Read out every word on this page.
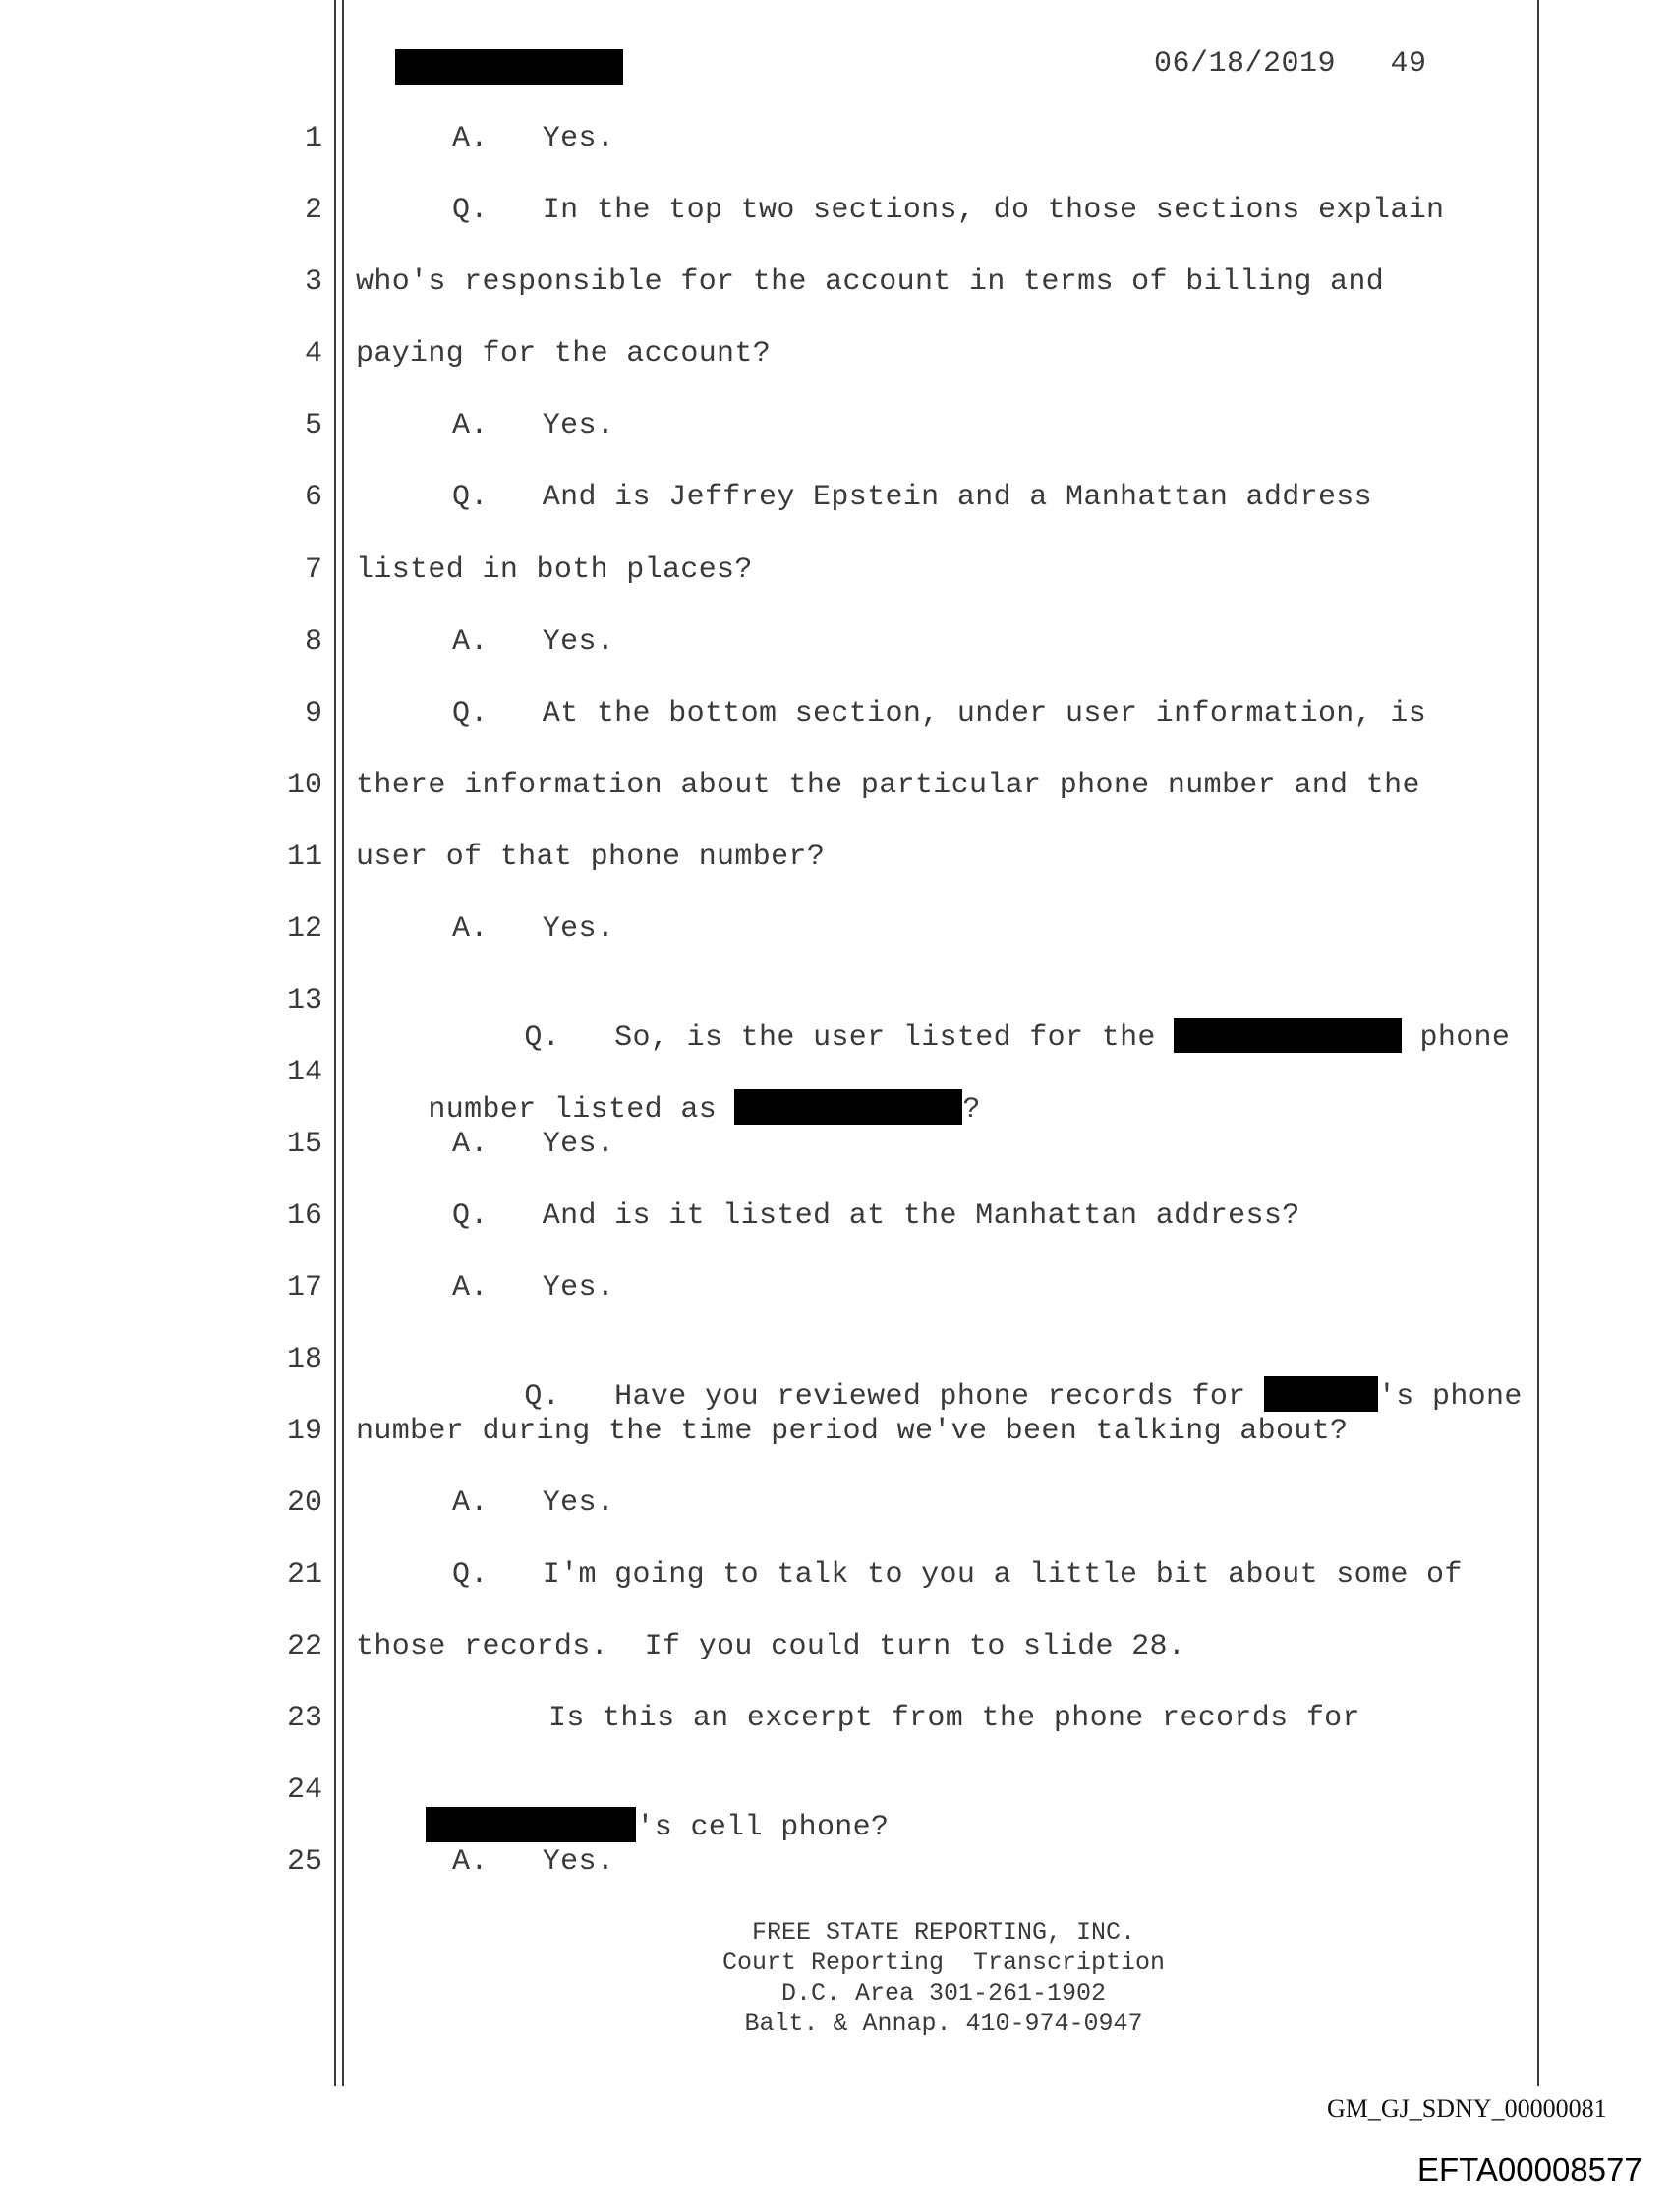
06/18/2019   49
1
2
3
4
5
6
7
8
9
10
11
12
13
14
15
16
17
18
19
20
21
22
23
24
25
A.   Yes.
Q.   In the top two sections, do those sections explain
who's responsible for the account in terms of billing and
paying for the account?
A.   Yes.
Q.   And is Jeffrey Epstein and a Manhattan address
listed in both places?
A.   Yes.
Q.   At the bottom section, under user information, is
there information about the particular phone number and the
user of that phone number?
A.   Yes.

Q.   So, is the user listed for the	phone

number listed as	?

A.   Yes.
Q.   And is it listed at the Manhattan address?
A.   Yes.

Q.   Have you reviewed phone records for	's phone

number during the time period we've been talking about?
A.   Yes.
Q.   I'm going to talk to you a little bit about some of
those records.  If you could turn to slide 28.
Is this an excerpt from the phone records for

's cell phone?

A.   Yes.
FREE STATE REPORTING, INC.
Court Reporting  Transcription
D.C. Area 301-261-1902
Balt. & Annap. 410-974-0947
GM_GJ_SDNY_00000081
EFTA00008577
